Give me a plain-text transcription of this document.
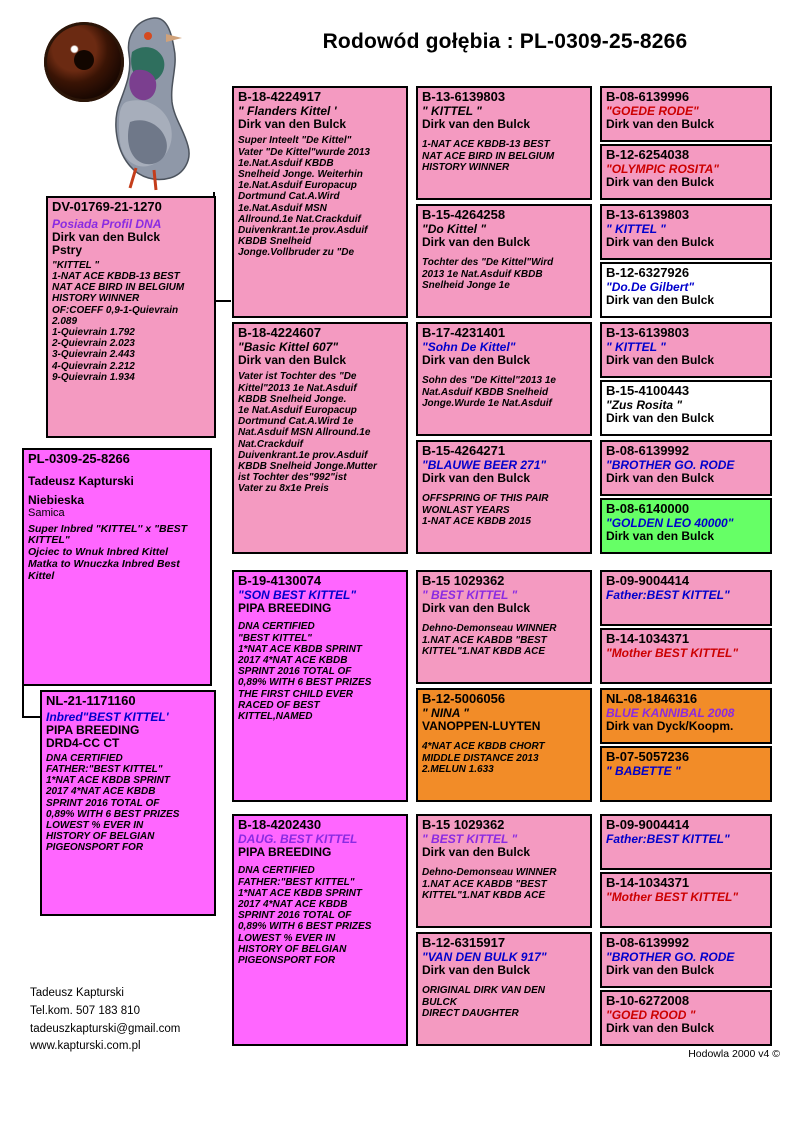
Rodowód gołębia : PL-0309-25-8266
PL-0309-25-8266
Tadeusz Kapturski
Niebieska
Samica
Super Inbred "KITTEL'' x "BEST KITTEL"
Ojciec to Wnuk Inbred Kittel
Matka to Wnuczka Inbred Best Kittel
DV-01769-21-1270
Posiada Profil DNA
Dirk van den Bulck
Pstry
"KITTEL "
1-NAT ACE KBDB-13 BEST
NAT ACE BIRD IN BELGIUM
HISTORY WINNER
OF:COEFF 0,9-1-Quievrain
2.089
1-Quievrain 1.792
2-Quievrain 2.023
3-Quievrain 2.443
4-Quievrain 2.212
9-Quievrain 1.934
NL-21-1171160
Inbred"BEST KITTEL'
PIPA BREEDING
DRD4-CC CT
DNA CERTIFIED
FATHER:"BEST KITTEL"
1*NAT ACE KBDB SPRINT
2017 4*NAT ACE KBDB
SPRINT 2016 TOTAL OF
0,89% WITH 6 BEST PRIZES
LOWEST % EVER IN
HISTORY OF BELGIAN
PIGEONSPORT FOR
B-18-4224917
" Flanders Kittel '
Dirk van den Bulck
Super Inteelt "De Kittel"
Vater "De Kittel"wurde 2013
1e.Nat.Asduif KBDB
Snelheid Jonge. Weiterhin
1e.Nat.Asduif Europacup
Dortmund Cat.A.Wird
1e.Nat.Asduif MSN
Allround.1e Nat.Crackduif
Duivenkrant.1e prov.Asduif
KBDB Snelheid
Jonge.Vollbruder zu "De
B-18-4224607
"Basic Kittel 607"
Dirk van den Bulck
Vater ist Tochter des "De
Kittel"2013 1e Nat.Asduif
KBDB Snelheid Jonge.
1e Nat.Asduif Europacup
Dortmund Cat.A.Wird 1e
Nat.Asduif MSN Allround.1e
Nat.Crackduif
Duivenkrant.1e prov.Asduif
KBDB Snelheid Jonge.Mutter
ist Tochter des"992"ist
Vater zu 8x1e Preis
B-19-4130074
"SON BEST KITTEL"
PIPA BREEDING
DNA CERTIFIED
"BEST KITTEL"
1*NAT ACE KBDB SPRINT
2017 4*NAT ACE KBDB
SPRINT 2016 TOTAL OF
0,89% WITH 6 BEST PRIZES
THE FIRST CHILD EVER
RACED OF BEST
KITTEL,NAMED
B-18-4202430
DAUG. BEST KITTEL
PIPA BREEDING
DNA CERTIFIED
FATHER:"BEST KITTEL"
1*NAT ACE KBDB SPRINT
2017 4*NAT ACE KBDB
SPRINT 2016 TOTAL OF
0,89% WITH 6 BEST PRIZES
LOWEST % EVER IN
HISTORY OF BELGIAN
PIGEONSPORT FOR
B-13-6139803
" KITTEL "
Dirk van den Bulck
1-NAT ACE KBDB-13 BEST
NAT ACE BIRD IN BELGIUM
HISTORY WINNER
B-15-4264258
"Do Kittel "
Dirk van den Bulck
Tochter des "De Kittel"Wird
2013 1e Nat.Asduif KBDB
Snelheid Jonge 1e
B-17-4231401
"Sohn De Kittel"
Dirk van den Bulck
Sohn des "De Kittel"2013 1e
Nat.Asduif KBDB Snelheid
Jonge.Wurde 1e Nat.Asduif
B-15-4264271
"BLAUWE BEER 271"
Dirk van den Bulck
OFFSPRING OF THIS PAIR
WONLAST YEARS
1-NAT ACE KBDB 2015
B-15 1029362
" BEST KITTEL "
Dirk van den Bulck
Dehno-Demonseau WINNER
1.NAT ACE KABDB "BEST
KITTEL"1.NAT KBDB ACE
B-12-5006056
" NINA "
VANOPPEN-LUYTEN
4*NAT ACE KBDB CHORT
MIDDLE DISTANCE 2013
2.MELUN 1.633
B-15 1029362
" BEST KITTEL "
Dirk van den Bulck
Dehno-Demonseau WINNER
1.NAT ACE KABDB "BEST
KITTEL"1.NAT KBDB ACE
B-12-6315917
"VAN DEN BULK 917"
Dirk van den Bulck
ORIGINAL DIRK VAN DEN
BULCK
DIRECT DAUGHTER
B-08-6139996
"GOEDE RODE"
Dirk van den Bulck
B-12-6254038
"OLYMPIC ROSITA"
Dirk van den Bulck
B-13-6139803
" KITTEL "
Dirk van den Bulck
B-12-6327926
"Do.De Gilbert"
Dirk van den Bulck
B-13-6139803
" KITTEL "
Dirk van den Bulck
B-15-4100443
"Zus Rosita "
Dirk van den Bulck
B-08-6139992
"BROTHER GO. RODE
Dirk van den Bulck
B-08-6140000
"GOLDEN LEO 40000"
Dirk van den Bulck
B-09-9004414
Father:BEST KITTEL"
B-14-1034371
"Mother BEST KITTEL"
NL-08-1846316
BLUE KANNIBAL 2008
Dirk van Dyck/Koopm.
B-07-5057236
" BABETTE "
B-09-9004414
Father:BEST KITTEL"
B-14-1034371
"Mother BEST KITTEL"
B-08-6139992
"BROTHER GO. RODE
Dirk van den Bulck
B-10-6272008
"GOED ROOD "
Dirk van den Bulck
Tadeusz Kapturski
Tel.kom. 507 183 810
tadeuszkapturski@gmail.com
www.kapturski.com.pl
Hodowla 2000 v4 ©
